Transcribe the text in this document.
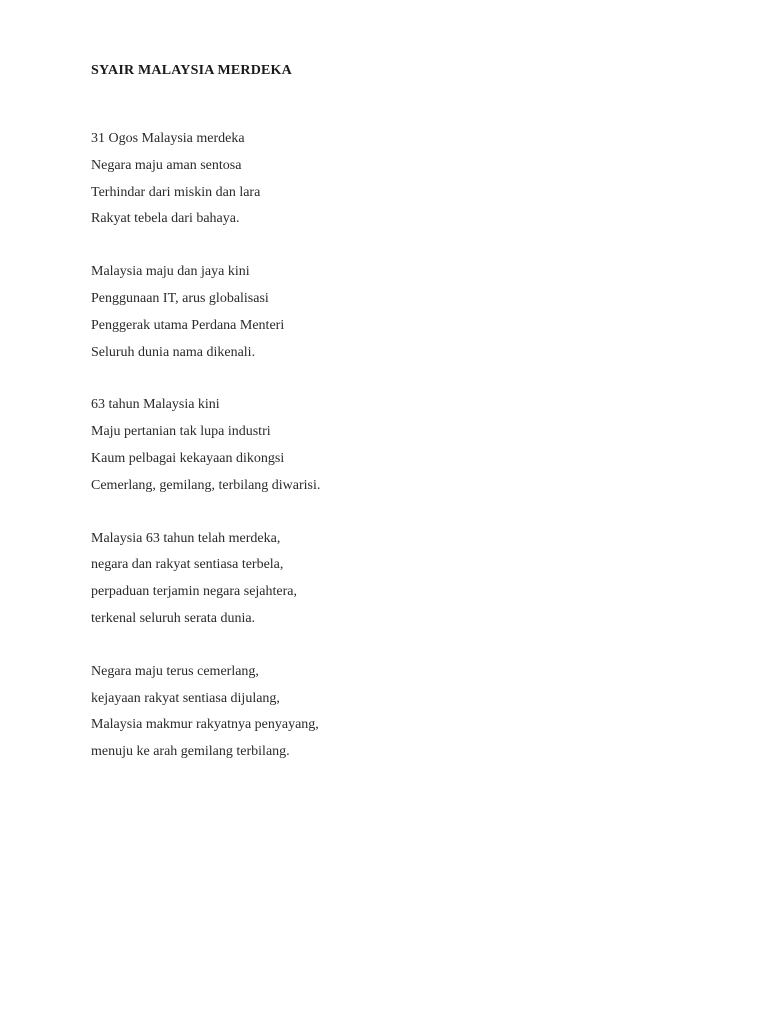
SYAIR MALAYSIA MERDEKA
31 Ogos Malaysia merdeka
Negara maju aman sentosa
Terhindar dari miskin dan lara
Rakyat tebela dari bahaya.
Malaysia maju dan jaya kini
Penggunaan IT, arus globalisasi
Penggerak utama Perdana Menteri
Seluruh dunia nama dikenali.
63 tahun Malaysia kini
Maju pertanian tak lupa industri
Kaum pelbagai kekayaan dikongsi
Cemerlang, gemilang, terbilang diwarisi.
Malaysia 63 tahun telah merdeka,
negara dan rakyat sentiasa terbela,
perpaduan terjamin negara sejahtera,
terkenal seluruh serata dunia.
Negara maju terus cemerlang,
kejayaan rakyat sentiasa dijulang,
Malaysia makmur rakyatnya penyayang,
menuju ke arah gemilang terbilang.
